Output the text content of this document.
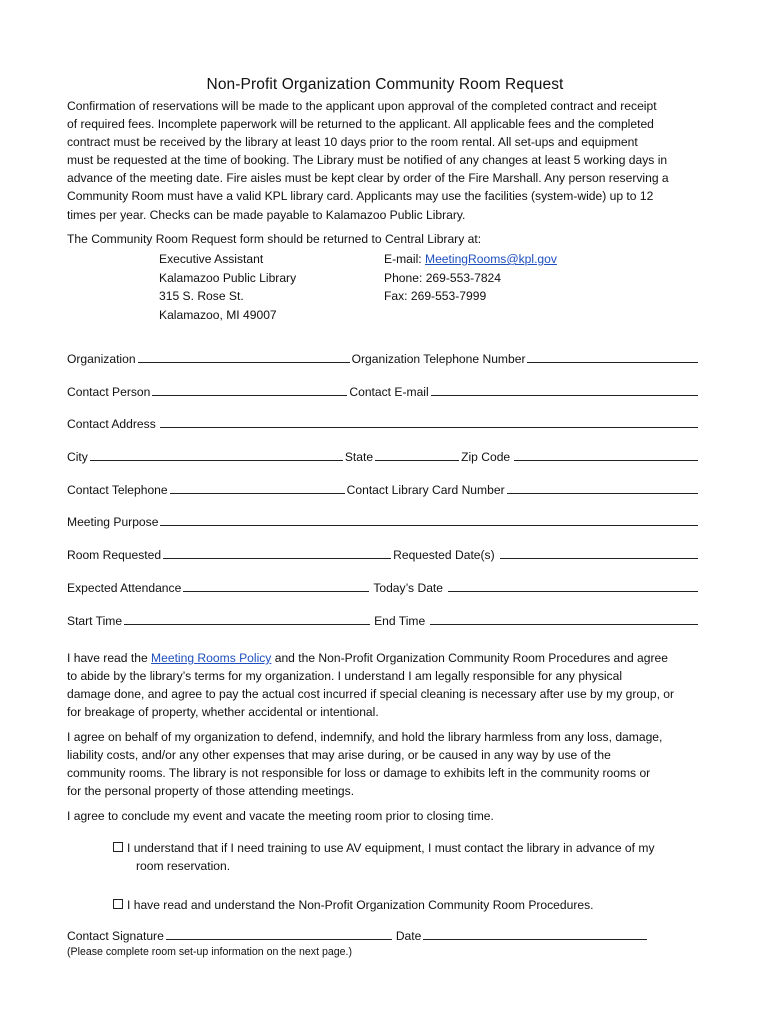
Non-Profit Organization Community Room Request

Confirmation of reservations will be made to the applicant upon approval of the completed contract and receipt
of required fees. Incomplete paperwork will be returned to the applicant. All applicable fees and the completed
contract must be received by the library at least 10 days prior to the room rental. All set-ups and equipment
must be requested at the time of booking. The Library must be notified of any changes at least 5 working days in
advance of the meeting date. Fire aisles must be kept clear by order of the Fire Marshall. Any person reserving a
Community Room must have a valid KPL library card. Applicants may use the facilities (system-wide) up to 12
times per year. Checks can be made payable to Kalamazoo Public Library.

The Community Room Request form should be returned to Central Library at:

Executive Assistant
Kalamazoo Public Library
315 S. Rose St.
Kalamazoo, MI 49007
E-mail: MeetingRooms@kpl.gov
Phone: 269-553-7824
Fax: 269-553-7999
Organization	Organization Telephone Number
Contact Person	Contact E-mail
Contact Address
City	State	Zip Code
Contact Telephone	Contact Library Card Number
Meeting Purpose
Room Requested	Requested Date(s)
Expected Attendance	Today’s Date
Start Time	End Time

I have read the Meeting Rooms Policy and the Non-Profit Organization Community Room Procedures and agree
to abide by the library’s terms for my organization. I understand I am legally responsible for any physical
damage done, and agree to pay the actual cost incurred if special cleaning is necessary after use by my group, or
for breakage of property, whether accidental or intentional.

I agree on behalf of my organization to defend, indemnify, and hold the library harmless from any loss, damage,
liability costs, and/or any other expenses that may arise during, or be caused in any way by use of the
community rooms. The library is not responsible for loss or damage to exhibits left in the community rooms or
for the personal property of those attending meetings.

I agree to conclude my event and vacate the meeting room prior to closing time.

I understand that if I need training to use AV equipment, I must contact the library in advance of my
room reservation.
I have read and understand the Non-Profit Organization Community Room Procedures.
Contact Signature	Date
(Please complete room set-up information on the next page.)
